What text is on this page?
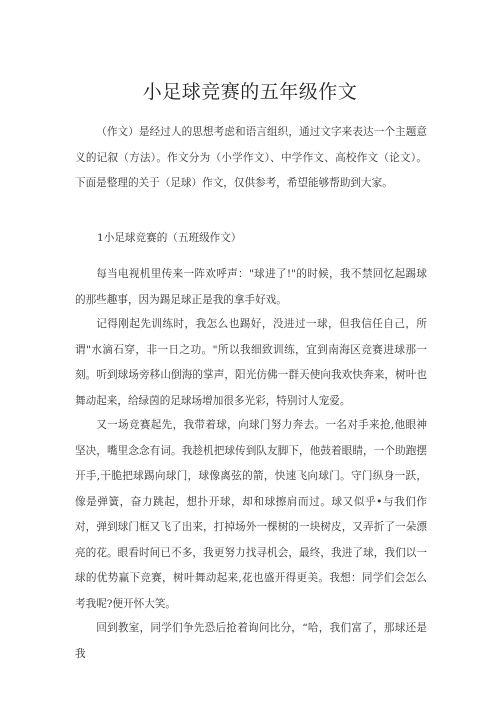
小足球竞赛的五年级作文
（作文）是经过人的思想考虑和语言组织，通过文字来表达一个主题意义的记叙（方法）。作文分为（小学作文）、中学作文、高校作文（论文）。下面是整理的关于（足球）作文，仅供参考，希望能够帮助到大家。
1小足球竞赛的（五班级作文）
每当电视机里传来一阵欢呼声："球进了!"的时候，我不禁回忆起踢球的那些趣事，因为踢足球正是我的拿手好戏。
记得刚起先训练时，我怎么也踢好，没进过一球，但我信任自己，所谓"水滴石穿，非一日之功。"所以我细致训练，宜到南海区竞赛进球那一刻。听到球场旁移山倒海的掌声，阳光仿佛一群天使向我欢快奔来，树叶也舞动起来，给绿茵的足球场增加很多光彩，特别讨人宠爱。
又一场竞赛起先，我带着球，向球门努力奔去。一名对手来抢,他眼神坚决，嘴里念念有词。我趁机把球传到队友脚下，他鼓着眼睛，一个助跑摆开手,干脆把球踢向球门，球像离弦的箭，快速飞向球门。守门纵身一跃，像是弹簧，奋力跳起，想扑开球，却和球擦肩而过。球又似乎•与我们作对，弹到球门框又飞了出来，打掉场外一棵树的一块树皮，又弄折了一朵漂亮的花。眼看时间已不多，我更努力找寻机会，最终，我进了球，我们以一球的优势赢下竞赛，树叶舞动起来,花也盛开得更美。我想：同学们会怎么考我呢?便开怀大笑。
回到教室，同学们争先恐后抢着询问比分，“哈，我们富了，那球还是我
